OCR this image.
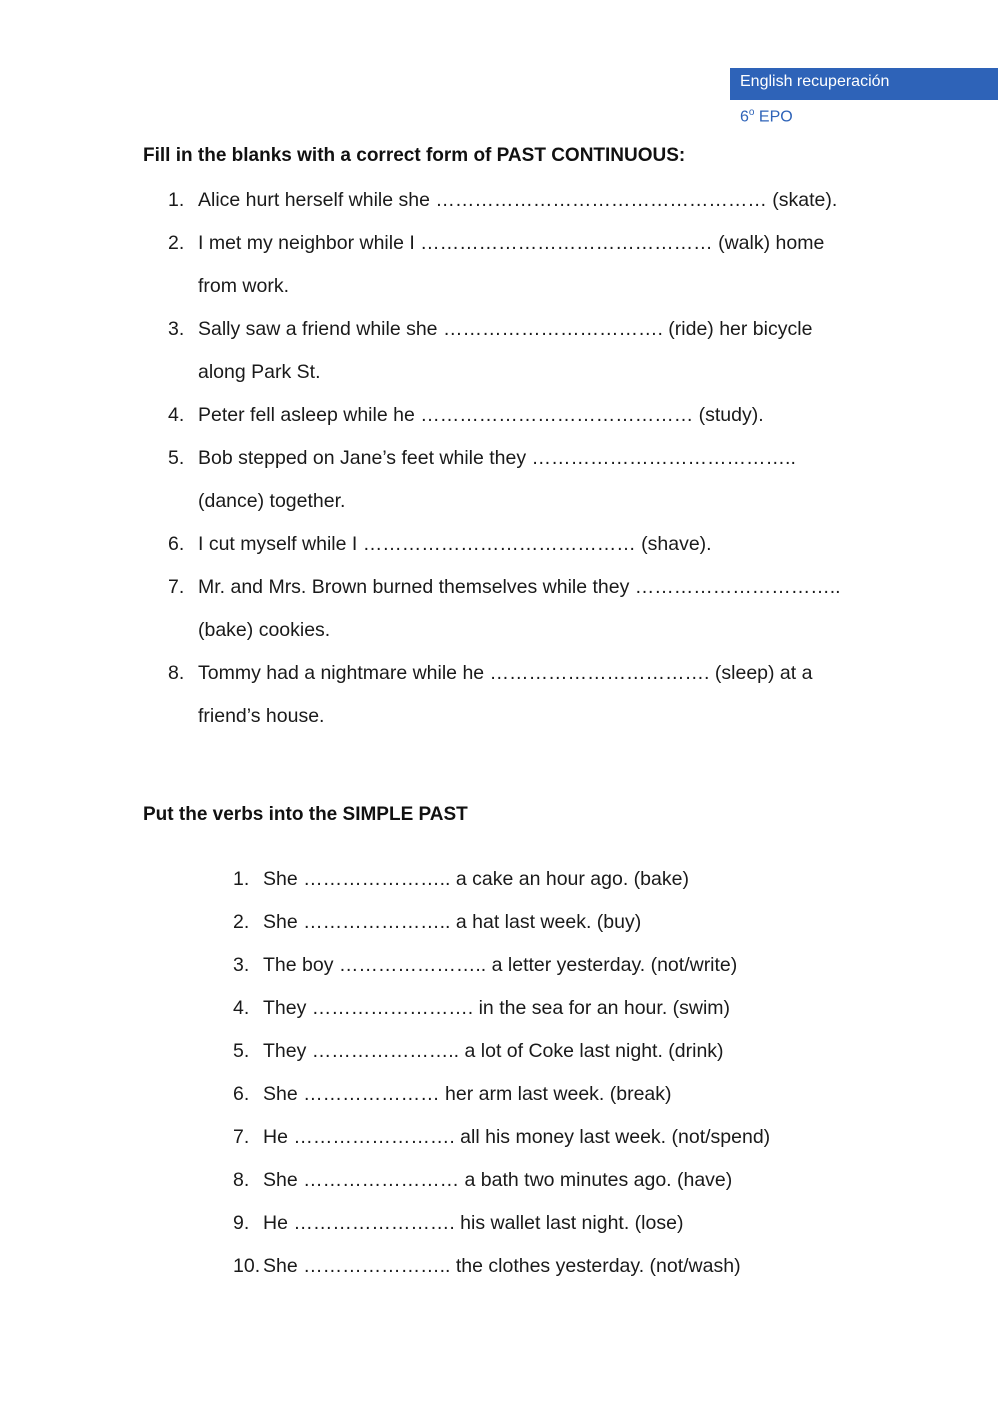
English recuperación
6$^o$ EPO
Fill in the blanks with a correct form of PAST CONTINUOUS:
1. Alice hurt herself while she …………………………………………… (skate).
2. I met my neighbor while I ……………………………………… (walk) home from work.
3. Sally saw a friend while she ……………………………. (ride) her bicycle along Park St.
4. Peter fell asleep while he …………………………………… (study).
5. Bob stepped on Jane’s feet while they ………………………………….. (dance) together.
6. I cut myself while I …………………………………… (shave).
7. Mr. and Mrs. Brown burned themselves while they ………………………….. (bake) cookies.
8. Tommy had a nightmare while he ……………………………. (sleep) at a friend’s house.
Put the verbs into the SIMPLE PAST
1. She ………………….. a cake an hour ago. (bake)
2. She ………………….. a hat last week. (buy)
3. The boy ………………….. a letter yesterday. (not/write)
4. They ……………………. in the sea for an hour. (swim)
5. They ………………….. a lot of Coke last night. (drink)
6. She ………………… her arm last week. (break)
7. He ……………………. all his money last week. (not/spend)
8. She …………………… a bath two minutes ago. (have)
9. He ……………………. his wallet last night. (lose)
10. She ………………….. the clothes yesterday. (not/wash)
